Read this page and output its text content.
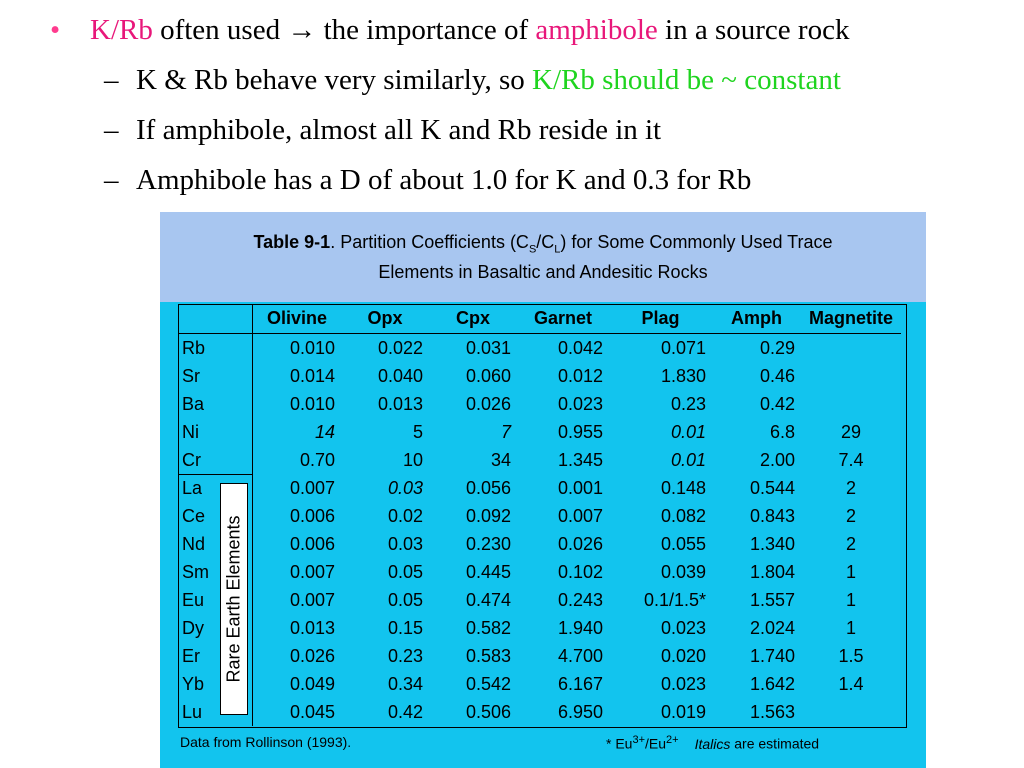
• K/Rb often used → the importance of amphibole in a source rock
– K & Rb behave very similarly, so K/Rb should be ~ constant
– If amphibole, almost all K and Rb reside in it
– Amphibole has a D of about 1.0 for K and 0.3 for Rb
Table 9-1. Partition Coefficients $(C_S/C_L)$ for Some Commonly Used Trace
Elements in Basaltic and Andesitic Rocks
	Olivine	Opx	Cpx	Garnet	Plag	Amph	Magnetite

Rb	0.010	0.022	0.031	0.042	0.071	0.29	

Sr	0.014	0.040	0.060	0.012	1.830	0.46	

Ba	0.010	0.013	0.026	0.023	0.23	0.42	

Ni	14	5	7	0.955	0.01	6.8	29

Cr	0.70	10	34	1.345	0.01	2.00	7.4

La	0.007	0.03	0.056	0.001	0.148	0.544	2

Ce	0.006	0.02	0.092	0.007	0.082	0.843	2

Nd	0.006	0.03	0.230	0.026	0.055	1.340	2

Sm	0.007	0.05	0.445	0.102	0.039	1.804	1

Eu	0.007	0.05	0.474	0.243	0.1/1.5*	1.557	1

Dy	0.013	0.15	0.582	1.940	0.023	2.024	1

Er	0.026	0.23	0.583	4.700	0.020	1.740	1.5

Yb	0.049	0.34	0.542	6.167	0.023	1.642	1.4

Lu	0.045	0.42	0.506	6.950	0.019	1.563	

Rare Earth Elements
Data from Rollinson (1993).	* $Eu^{3+}/Eu^{2+}$ Italics are estimated
